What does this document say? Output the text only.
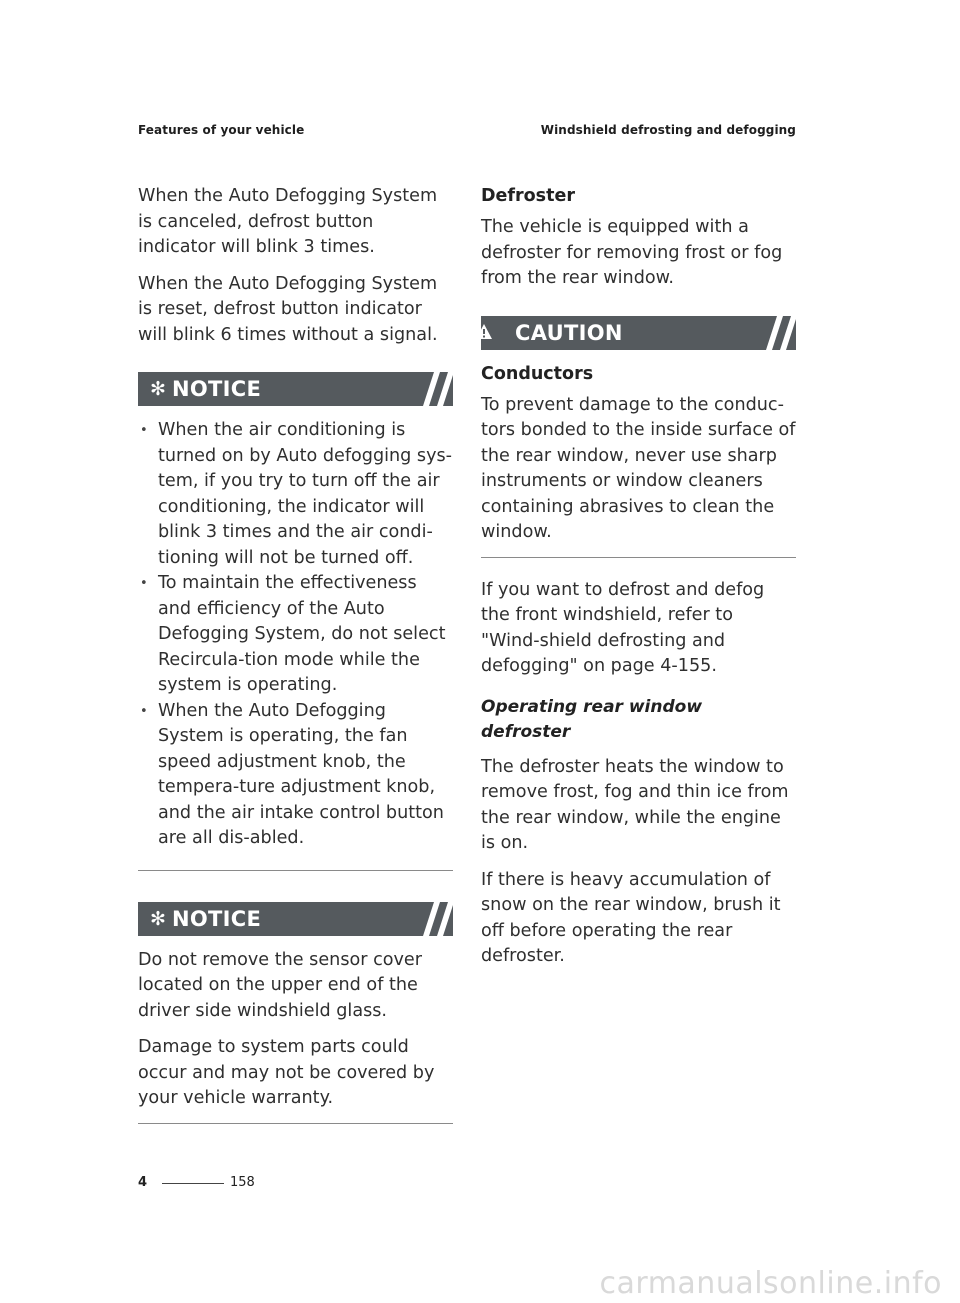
Features of your vehicle	Windshield defrosting and defogging

When the Auto Defogging System is canceled, defrost button indicator will blink 3 times.

When the Auto Defogging System is reset, defrost button indicator will blink 6 times without a signal.

✻ NOTICE
• When the air conditioning is turned on by Auto defogging sys-tem, if you try to turn off the air conditioning, the indicator will blink 3 times and the air condi-tioning will not be turned off.
• To maintain the effectiveness and efficiency of the Auto Defogging System, do not select Recircula-tion mode while the system is operating.
• When the Auto Defogging System is operating, the fan speed adjustment knob, the tempera-ture adjustment knob, and the air intake control button are all dis-abled.
✻ NOTICE

Do not remove the sensor cover located on the upper end of the driver side windshield glass.

Damage to system parts could occur and may not be covered by your vehicle warranty.

Defroster

The vehicle is equipped with a defroster for removing frost or fog from the rear window.

CAUTION
Conductors

To prevent damage to the conduc-tors bonded to the inside surface of the rear window, never use sharp instruments or window cleaners containing abrasives to clean the window.

If you want to defrost and defog the front windshield, refer to "Wind-shield defrosting and defogging" on page 4-155.

Operating rear window defroster

The defroster heats the window to remove frost, fog and thin ice from the rear window, while the engine is on.

If there is heavy accumulation of snow on the rear window, brush it off before operating the rear defroster.

4	158
carmanualsonline.info
